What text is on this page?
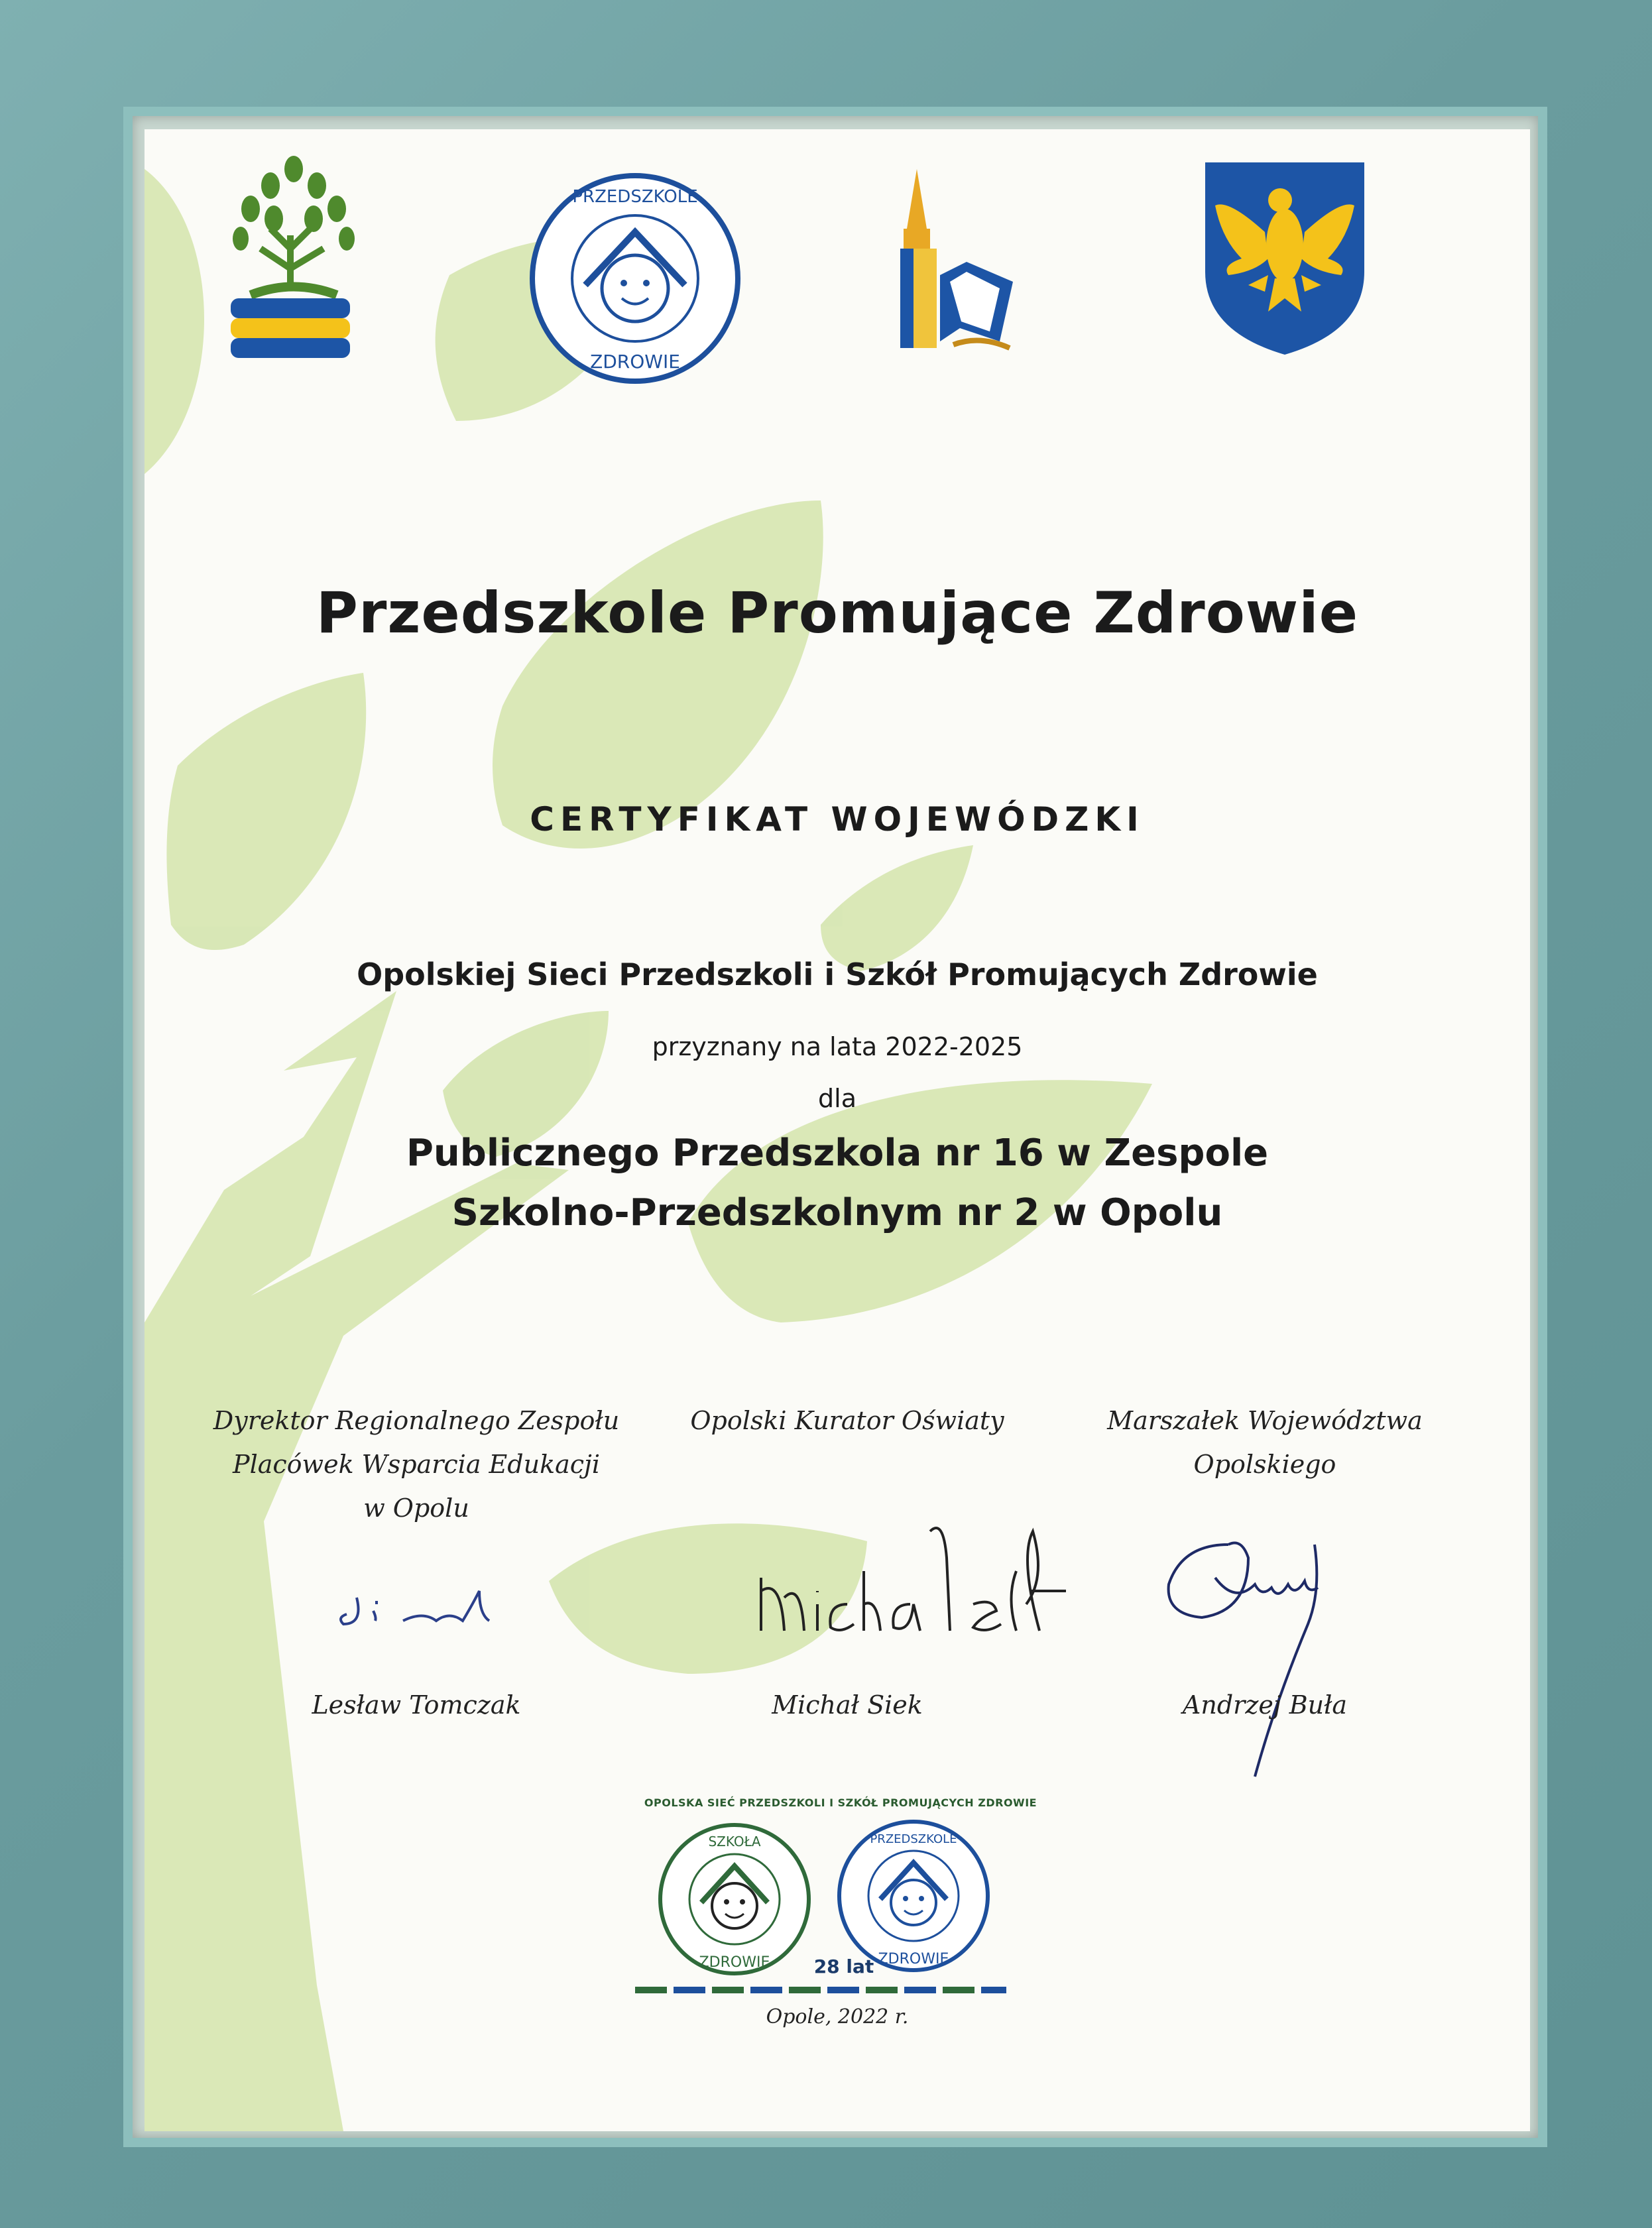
PRZEDSZKOLE
ZDROWIE
Przedszkole Promujące Zdrowie
CERTYFIKAT WOJEWÓDZKI
Opolskiej Sieci Przedszkoli i Szkół Promujących Zdrowie
przyznany na lata 2022-2025
dla
Publicznego Przedszkola nr 16 w Zespole
Szkolno-Przedszkolnym nr 2 w Opolu
Dyrektor Regionalnego Zespołu
Placówek Wsparcia Edukacji
w Opolu
Opolski Kurator Oświaty	Marszałek Województwa
Opolskiego
Lesław Tomczak	Michał Siek	Andrzej Buła
OPOLSKA SIEĆ PRZEDSZKOLI I SZKÓŁ PROMUJĄCYCH ZDROWIE
SZKOŁA
ZDROWIE
PRZEDSZKOLE
ZDROWIE
28 lat
Opole, 2022 r.
